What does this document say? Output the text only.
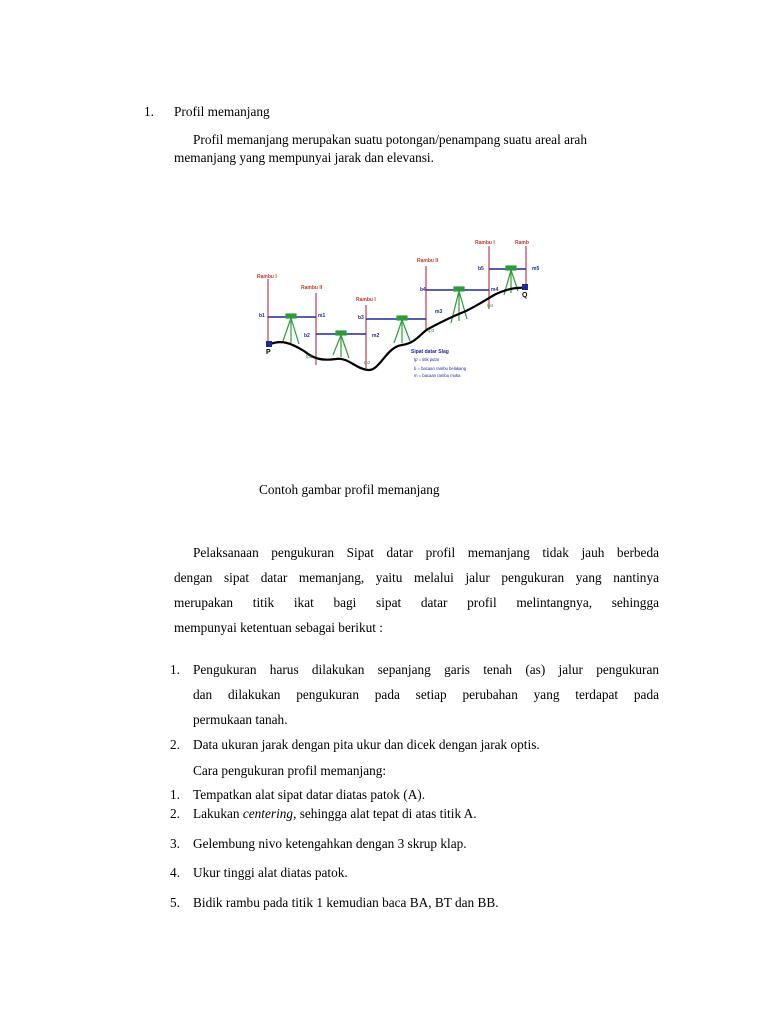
1. Profil memanjang
Profil memanjang merupakan suatu potongan/penampang suatu areal arah
memanjang yang mempunyai jarak dan elevansi.
Rambu I
Rambu II
Rambu I
Rambu II
Rambu I	Ramb
b1	m1
b2	m2
b3
m3
b4	m4
b5	m5
tp1
tp2
tp3
tp4
P
Q
Sipat datar Slag
tp = titik putar
b = bacaan rambu belakang
m = bacaan rambu muka
Contoh gambar profil memanjang
Pelaksanaan pengukuran Sipat datar profil memanjang tidak jauh berbeda
dengan sipat datar memanjang, yaitu melalui jalur pengukuran yang nantinya
merupakan titik ikat bagi sipat datar profil melintangnya, sehingga
mempunyai ketentuan sebagai berikut :
1. Pengukuran harus dilakukan sepanjang garis tenah (as) jalur pengukuran
dan dilakukan pengukuran pada setiap perubahan yang terdapat pada
permukaan tanah.
2. Data ukuran jarak dengan pita ukur dan dicek dengan jarak optis.
Cara pengukuran profil memanjang:
1. Tempatkan alat sipat datar diatas patok (A).
2. Lakukan centering, sehingga alat tepat di atas titik A.
3. Gelembung nivo ketengahkan dengan 3 skrup klap.
4. Ukur tinggi alat diatas patok.
5. Bidik rambu pada titik 1 kemudian baca BA, BT dan BB.
